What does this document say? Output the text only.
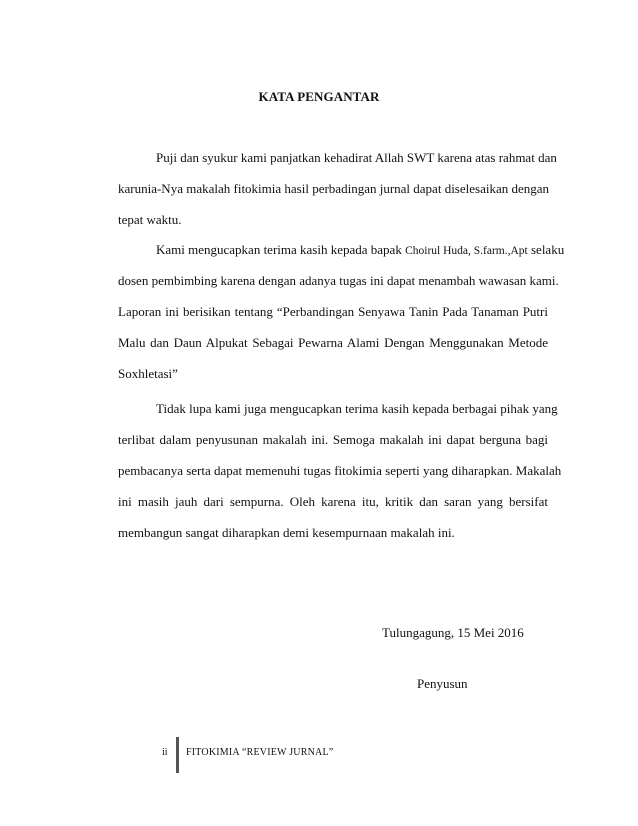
KATA PENGANTAR
Puji dan syukur kami panjatkan kehadirat Allah SWT karena atas rahmat dan
karunia-Nya makalah fitokimia hasil perbadingan jurnal dapat diselesaikan dengan
tepat waktu.
Kami mengucapkan terima kasih kepada bapak Choirul Huda, S.farm.,Apt selaku
dosen pembimbing karena dengan adanya tugas ini dapat menambah wawasan kami.
Laporan ini berisikan tentang “Perbandingan Senyawa Tanin Pada Tanaman Putri
Malu dan Daun Alpukat Sebagai Pewarna Alami Dengan Menggunakan Metode
Soxhletasi”
Tidak lupa kami juga mengucapkan terima kasih kepada berbagai pihak yang
terlibat dalam penyusunan makalah ini. Semoga makalah ini dapat berguna bagi
pembacanya serta dapat memenuhi tugas fitokimia seperti yang diharapkan. Makalah
ini masih jauh dari sempurna. Oleh karena itu, kritik dan saran yang bersifat
membangun sangat diharapkan demi kesempurnaan makalah ini.
Tulungagung, 15 Mei 2016
Penyusun
ii	FITOKIMIA “REVIEW JURNAL”
